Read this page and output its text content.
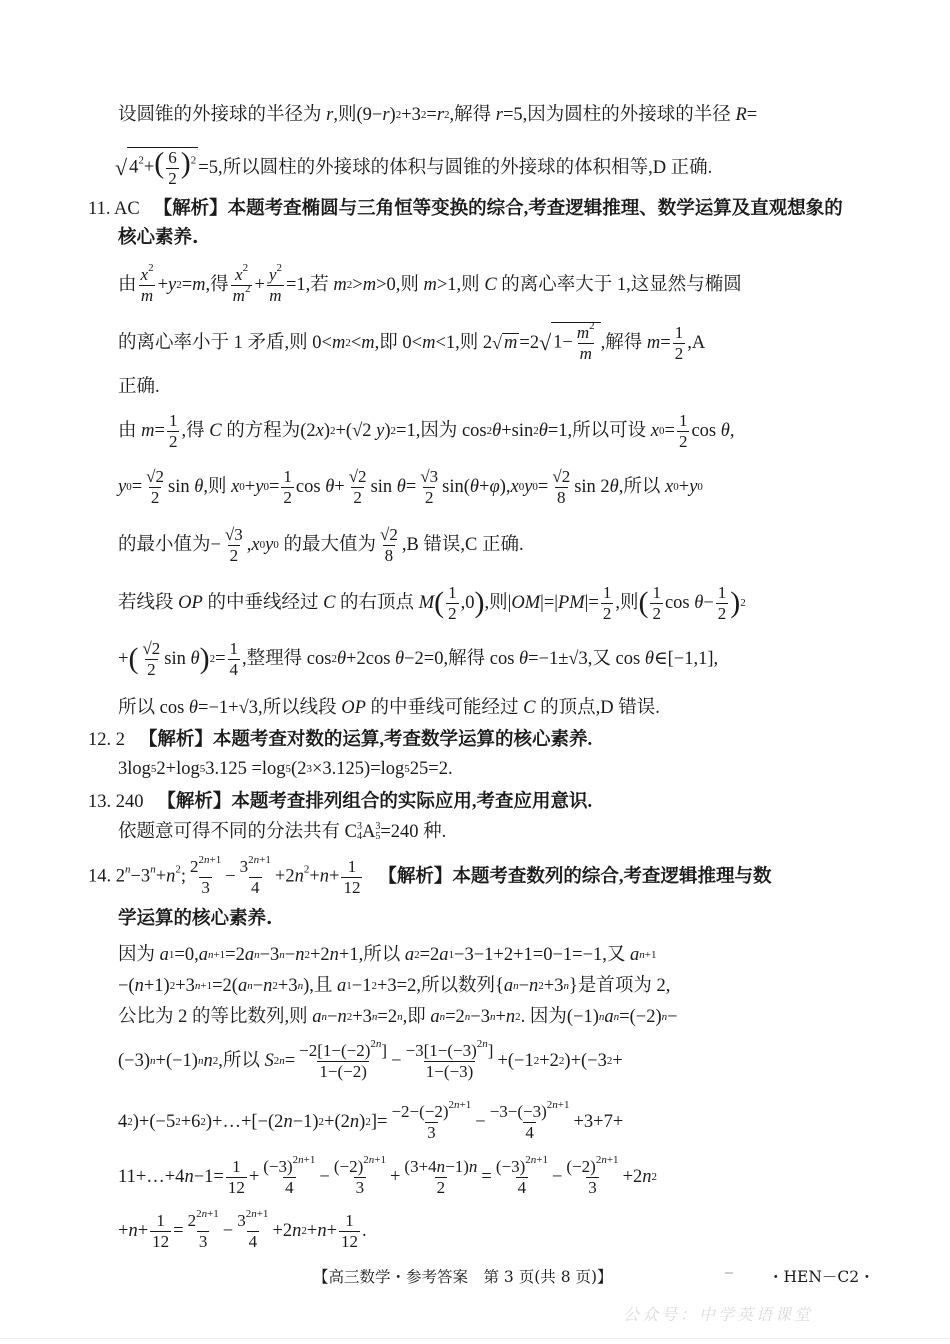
设圆锥的外接球的半径为 r ,则(9− r ) 2 +3 2 = r 2 ,解得 r =5,因为圆柱的外接球的半径 R =
√ $4^2+( \frac{6}{2} )^2 =5$,所以圆柱的外接球的体积与圆锥的外接球的体积相等,D 正确.
11. AC
【解析】本题考查椭圆与三角恒等变换的综合,考查逻辑推理、数学运算及直观想象的
核心素养.
由 $\frac{x^2}{m} + y$ 2 = m ,得 $\frac{x^2}{m^2} + \frac{y^2}{m} =1$,若 m 2 > m >0,则 m >1,则 C 的离心率大于 1,这显然与椭圆
的离心率小于 1 矛盾,则 0< m 2 < m ,即 0< m <1,则 2 √ m =2 √ $1- \frac{m^2}{m}$ ,解得 $m = \frac{1}{2} ,A$
正确.
由 $m = \frac{1}{2}$ ,得 C 的方程为(2 x ) 2 +(√2 y ) 2 =1,因为 cos 2 θ +sin 2 θ =1,所以可设 x $0 = \frac{1}{2}$ cos θ ,
y $0 = \frac{√2}{2}$ sin θ ,则 x 0 + y $0 = \frac{1}{2}$ $\cos \theta + \frac{√2}{2}$ $\sin \theta = \frac{√3}{2} \sin$( θ + φ ), x 0 y $0 = \frac{√2}{8}$ sin 2 θ ,所以 x 0 + y 0
的最小值为− $\frac{√3}{2}$ , x 0 y 0 的最大值为 $\frac{√2}{8} ,B$ 错误,C 正确.
若线段 OP 的中垂线经过 C 的右顶点 M ( $\frac{1}{2} ,0$ ) ,则| OM |=| PM |= $\frac{1}{2}$ ,则 ( $\frac{1}{2}$ $\cos \theta - \frac{1}{2}$ ) 2
+ ( $\frac{√2}{2}$ sin θ ) $2 = \frac{1}{4}$ ,整理得 cos 2 θ +2cos θ −2=0,解得 cos θ =−1±√3,又 cos θ ∈[−1,1],
所以 cos θ =−1+√3,所以线段 OP 的中垂线可能经过 C 的顶点,D 错误.
12. 2
【解析】本题考查对数的运算,考查数学运算的核心素养.
3log 5 2+log 5 3.125 =log 5 (2 3 ×3.125)=log 5 25=2.
13. 240
【解析】本题考查排列组合的实际应用,考查应用意识.
依题意可得不同的分法共有 C 3
4 A 3
5 =240 种.
14. $2^n-3^n+n^2$; $\frac{2^{2n+1}}{3} - \frac{3^{2n+1}}{4} +2n^2+n+ \frac{1}{12}$
【解析】本题考查数列的综合,考查逻辑推理与数
学运算的核心素养.
因为 a 1 =0, a n+1 =2 a n −3 n − n 2 +2 n +1,所以 a 2 =2 a 1 −3−1+2+1=0−1=−1,又 a n+1
−( n +1) 2 +3 n+1 =2( a n − n 2 +3 n ),且 a 1 −1 2 +3=2,所以数列{ a n − n 2 +3 n }是首项为 2,
公比为 2 的等比数列,则 a n − n 2 +3 n =2 n ,即 a n =2 n −3 n + n 2 . 因为(−1) n a n =(−2) n −
(−3) n +(−1) n n 2 ,所以 S $2n = \frac{-2[1-(-2)^{2n}]}{1-(-2)} - \frac{-3[1-(-3)^{2n}]}{1-(-3)} +(-1$ 2 +2 2 )+(−3 2 +
4 2 )+(−5 2 +6 2 )+…+[−(2 n −1) 2 +(2 n ) 2 ]= $\frac{-2-(-2)^{2n+1}}{3} - \frac{-3-(-3)^{2n+1}}{4} +3+7+$
11+…+4 $n -1= \frac{1}{12} + \frac{(-3)^{2n+1}}{4} - \frac{(-2)^{2n+1}}{3} + \frac{(3+4n-1)n}{2} = \frac{(-3)^{2n+1}}{4} - \frac{(-2)^{2n+1}}{3} +2$ n 2
+ $n + \frac{1}{12} = \frac{2^{2n+1}}{3} - \frac{3^{2n+1}}{4} +2$ n $2 + n + \frac{1}{12}$ .
【高三数学・参考答案　第 3 页(共 8 页)】	・HEN－C2・
公众号：中学英语课堂
